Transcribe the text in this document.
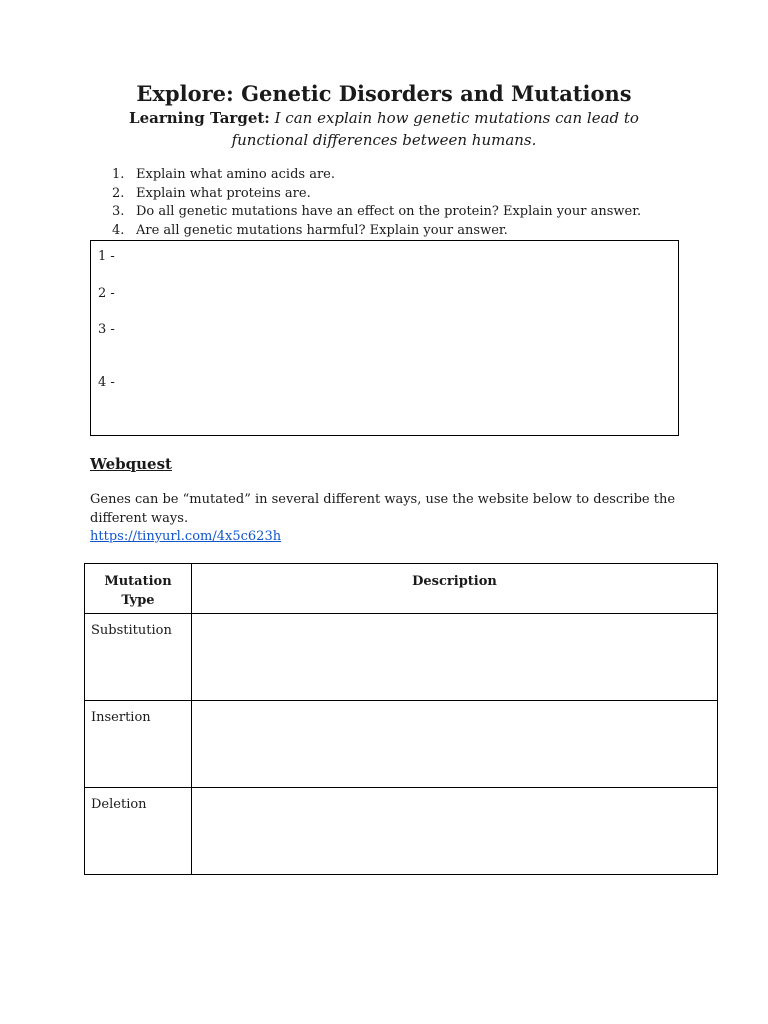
Explore: Genetic Disorders and Mutations
Learning Target: I can explain how genetic mutations can lead to functional differences between humans.
1. Explain what amino acids are.
2. Explain what proteins are.
3. Do all genetic mutations have an effect on the protein? Explain your answer.
4. Are all genetic mutations harmful? Explain your answer.
1 -
2 -
3 -
4 -
Webquest
Genes can be “mutated” in several different ways, use the website below to describe the different ways.
https://tinyurl.com/4x5c623h
Mutation Type	Description
Substitution	
Insertion	
Deletion	
